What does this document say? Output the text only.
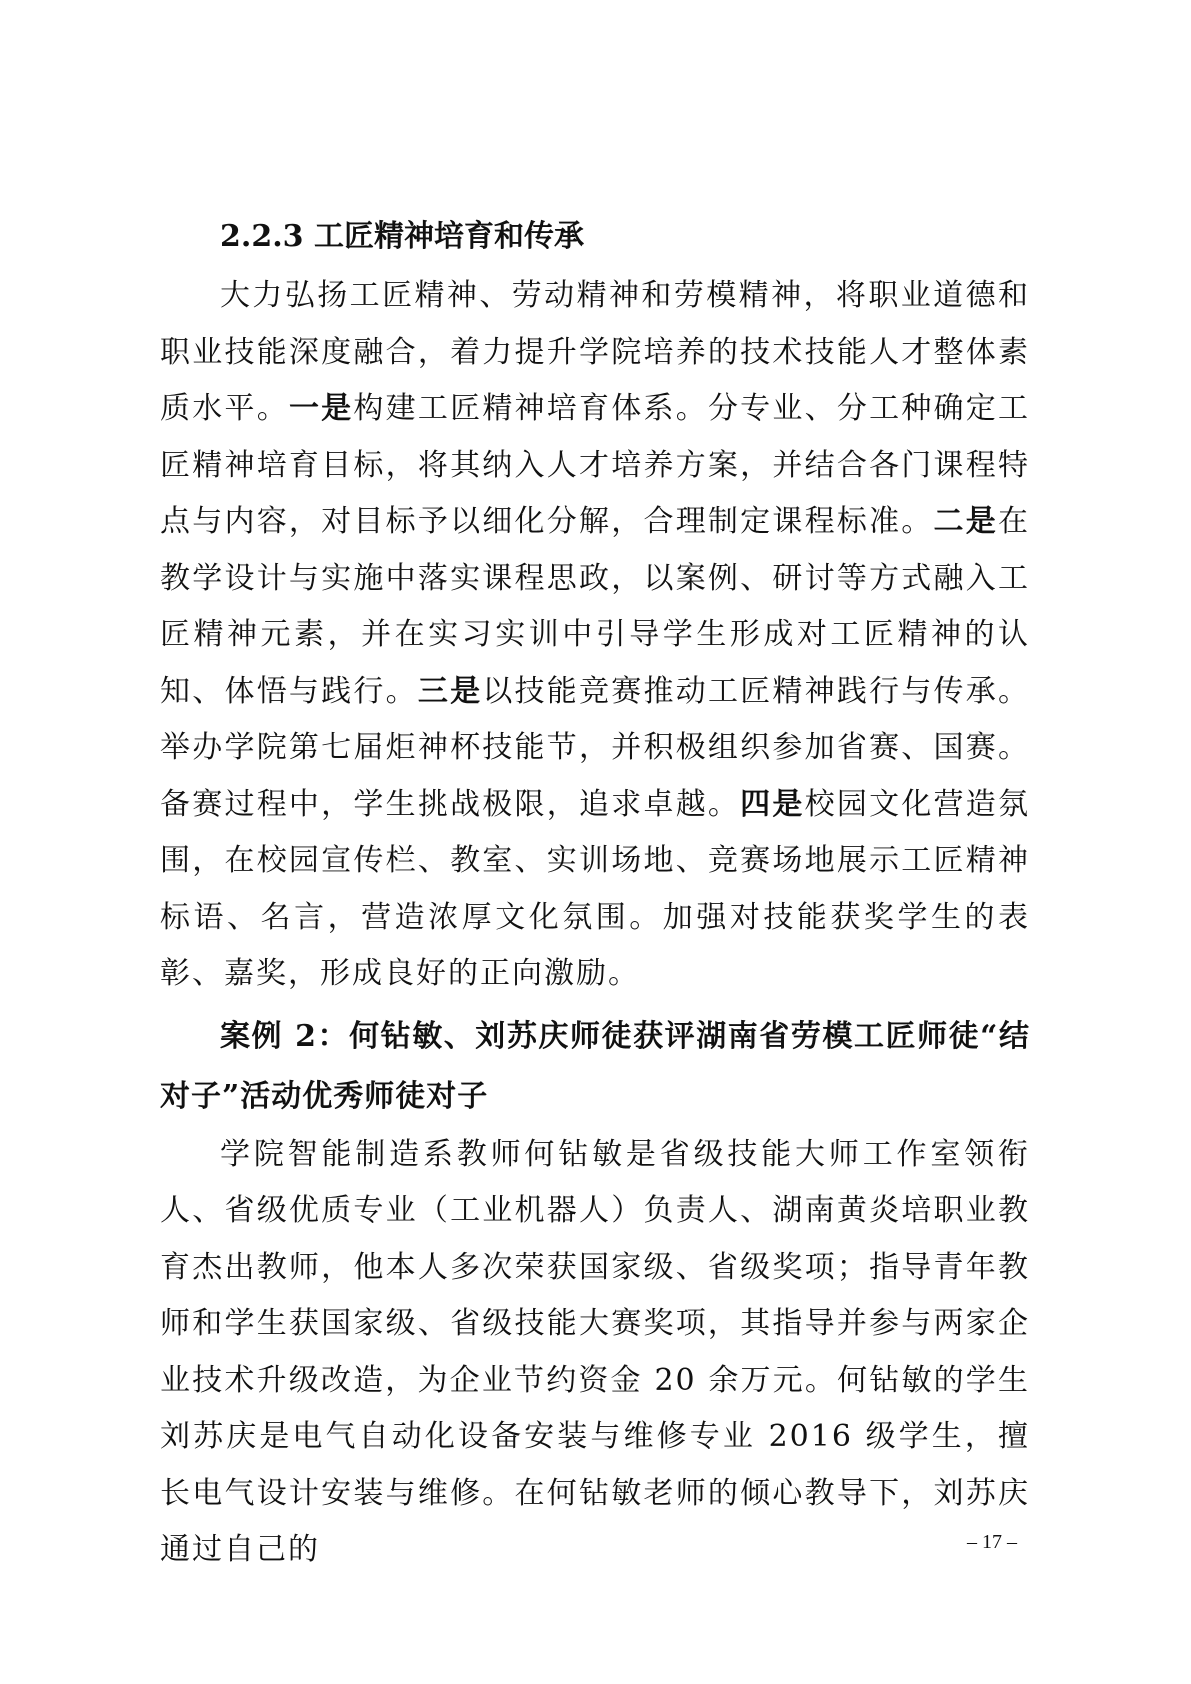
2.2.3 工匠精神培育和传承

大力弘扬工匠精神、劳动精神和劳模精神，将职业道德和职业技能深度融合，着力提升学院培养的技术技能人才整体素质水平。一是构建工匠精神培育体系。分专业、分工种确定工匠精神培育目标，将其纳入人才培养方案，并结合各门课程特点与内容，对目标予以细化分解，合理制定课程标准。二是在教学设计与实施中落实课程思政，以案例、研讨等方式融入工匠精神元素，并在实习实训中引导学生形成对工匠精神的认知、体悟与践行。三是以技能竞赛推动工匠精神践行与传承。举办学院第七届炬神杯技能节，并积极组织参加省赛、国赛。备赛过程中，学生挑战极限，追求卓越。四是校园文化营造氛围，在校园宣传栏、教室、实训场地、竞赛场地展示工匠精神标语、名言，营造浓厚文化氛围。加强对技能获奖学生的表彰、嘉奖，形成良好的正向激励。

案例 2：何钻敏、刘苏庆师徒获评湖南省劳模工匠师徒“结对子”活动优秀师徒对子

学院智能制造系教师何钻敏是省级技能大师工作室领衔人、省级优质专业（工业机器人）负责人、湖南黄炎培职业教育杰出教师，他本人多次荣获国家级、省级奖项；指导青年教师和学生获国家级、省级技能大赛奖项，其指导并参与两家企业技术升级改造，为企业节约资金 20 余万元。何钻敏的学生刘苏庆是电气自动化设备安装与维修专业 2016 级学生，擅长电气设计安装与维修。在何钻敏老师的倾心教导下，刘苏庆通过自己的	– 17 –
